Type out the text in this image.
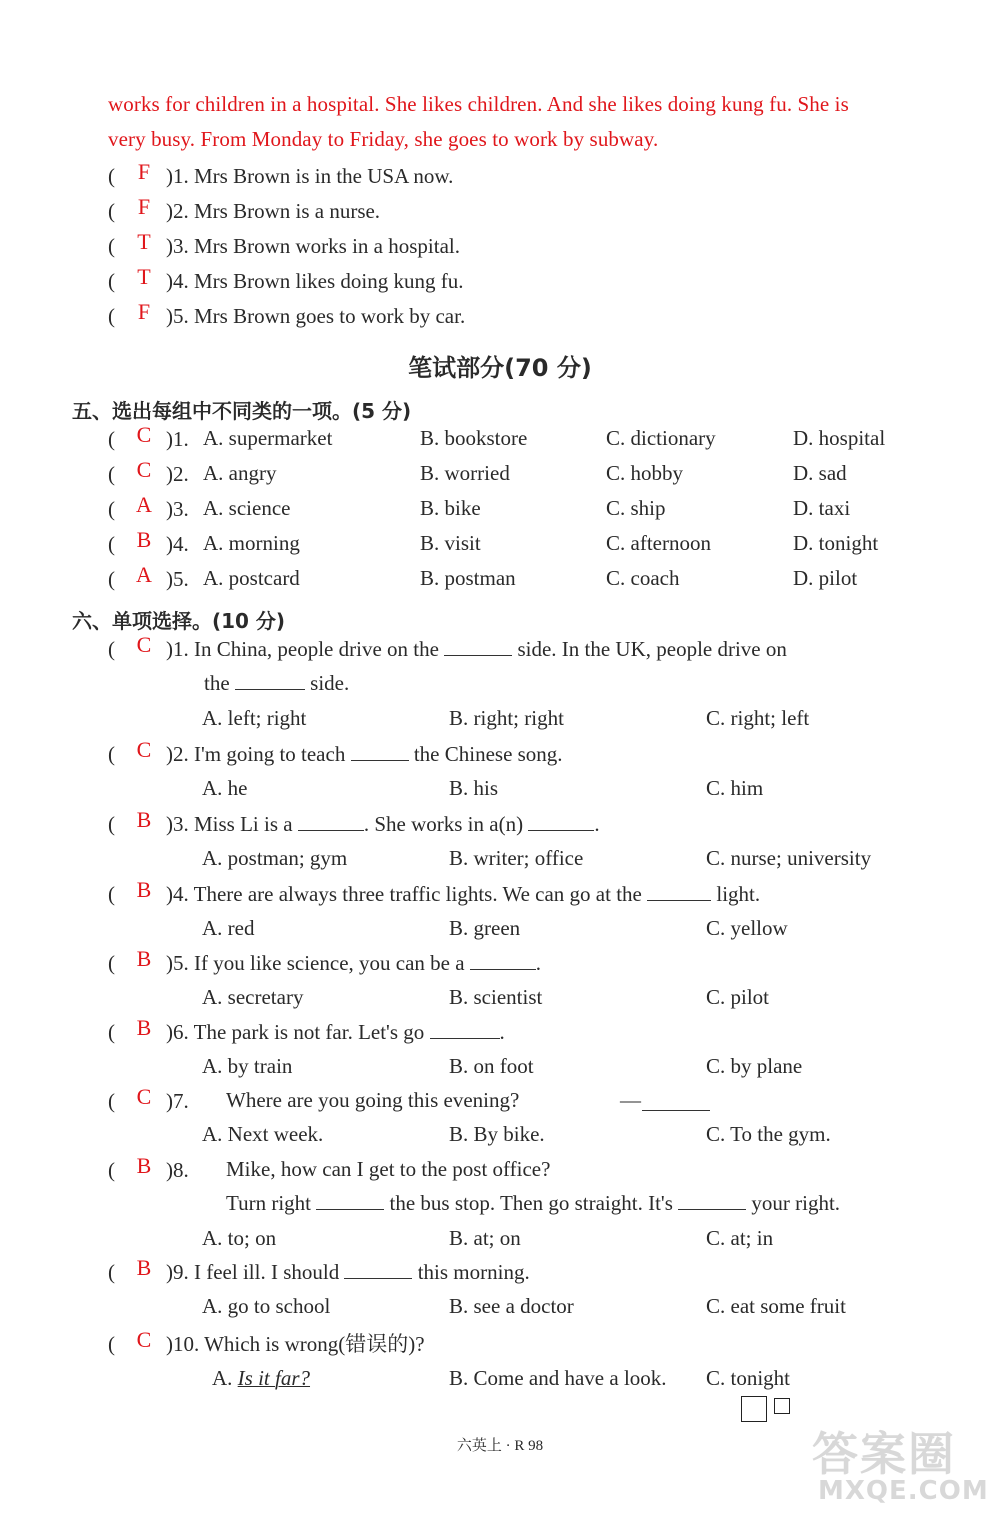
works for children in a hospital. She likes children. And she likes doing kung fu. She is
very busy. From Monday to Friday, she goes to work by subway.
( F )1. Mrs Brown is in the USA now.
( F )2. Mrs Brown is a nurse.
( T )3. Mrs Brown works in a hospital.
( T )4. Mrs Brown likes doing kung fu.
( F )5. Mrs Brown goes to work by car.
笔试部分(70 分)
五、选出每组中不同类的一项。(5 分)
( C )1. A. supermarket	B. bookstore	C. dictionary	D. hospital
( C )2. A. angry	B. worried	C. hobby	D. sad
( A )3. A. science	B. bike	C. ship	D. taxi
( B )4. A. morning	B. visit	C. afternoon	D. tonight
( A )5. A. postcard	B. postman	C. coach	D. pilot
六、单项选择。(10 分)
( C )1. In China, people drive on the	side. In the UK, people drive on
the	side.
A. left; right	B. right; right	C. right; left
( C )2. I'm going to teach	the Chinese song.
A. he	B. his	C. him
( B )3. Miss Li is a	. She works in a(n)	.
A. postman; gym	B. writer; office	C. nurse; university
( B )4. There are always three traffic lights. We can go at the	light.
A. red	B. green	C. yellow
( B )5. If you like science, you can be a	.
A. secretary	B. scientist	C. pilot
( B )6. The park is not far. Let's go	.
A. by train	B. on foot	C. by plane
( C )7. Where are you going this evening?	—
A. Next week.	B. By bike.	C. To the gym.
( B )8. Mike, how can I get to the post office?
Turn right	the bus stop. Then go straight. It's	your right.
A. to; on	B. at; on	C. at; in
( B )9. I feel ill. I should	this morning.
A. go to school	B. see a doctor	C. eat some fruit
( C )10. Which is wrong(错误的)?
A. Is it far?	B. Come and have a look. C. tonight
六英上 · R 98	答案圈
MXQE.COM
